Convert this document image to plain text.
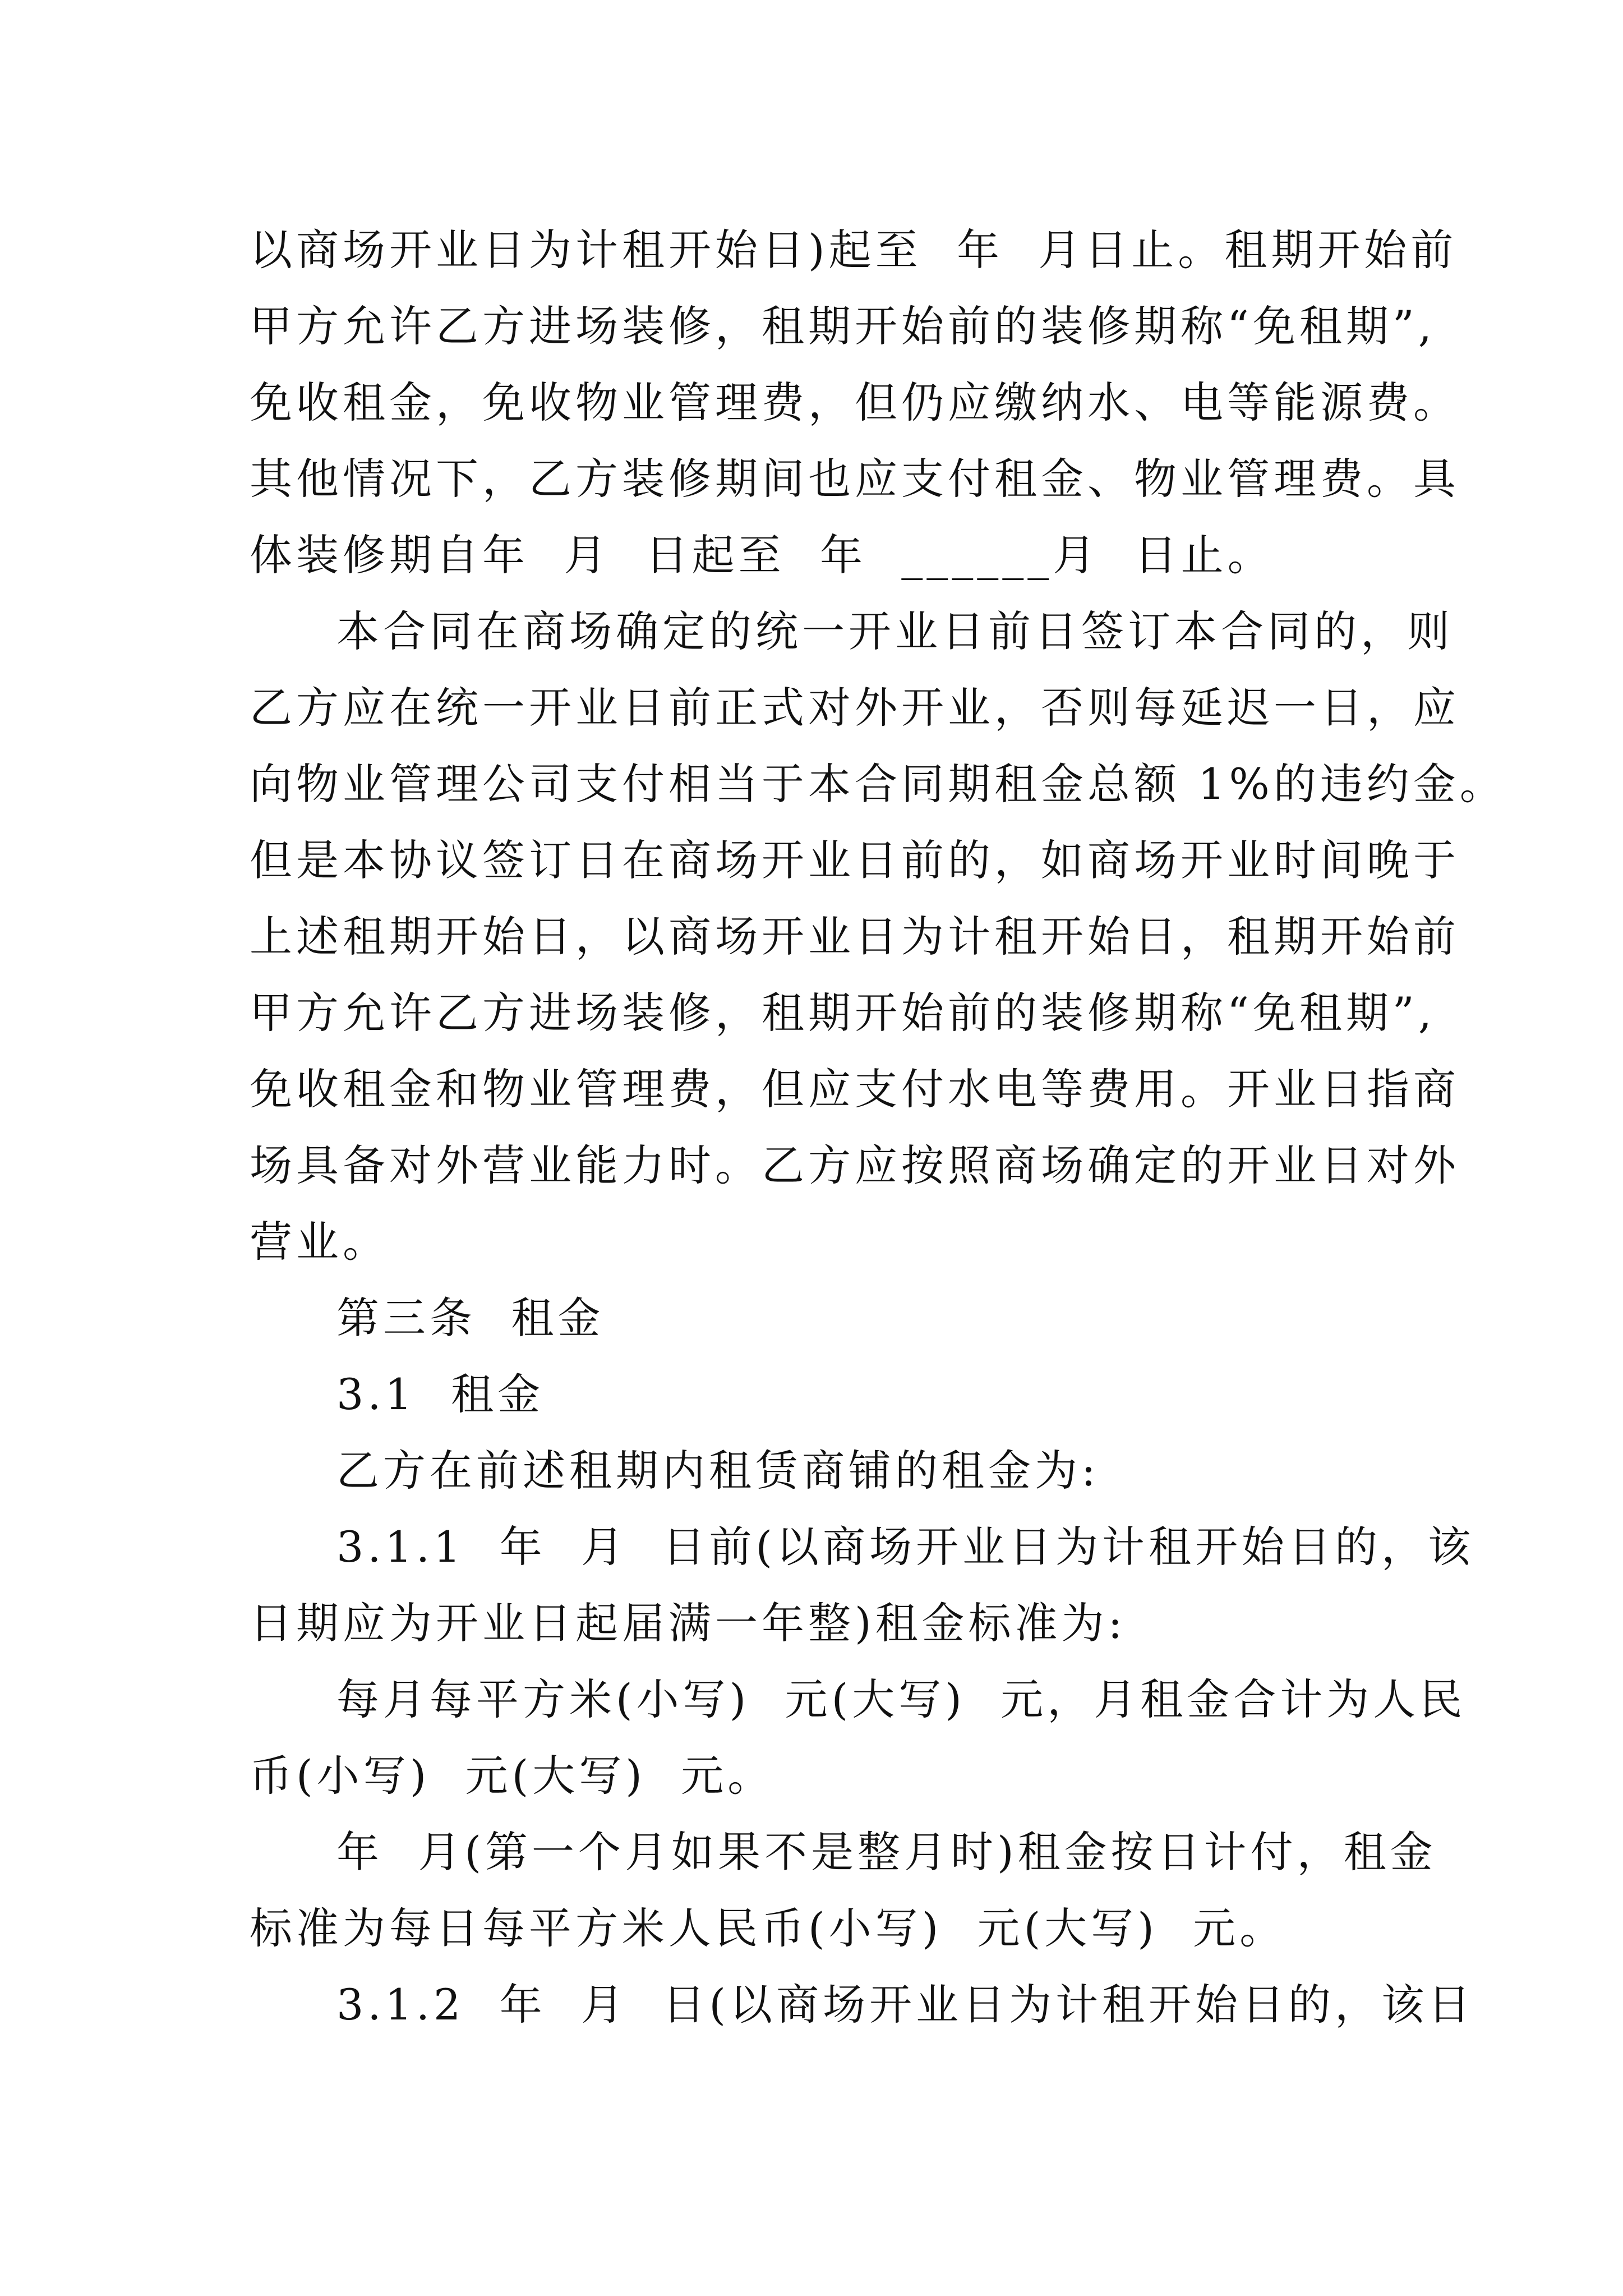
以商场开业日为计租开始日)起至  年  月日止。租期开始前
甲方允许乙方进场装修，租期开始前的装修期称“免租期”,
免收租金，免收物业管理费，但仍应缴纳水、电等能源费。
其他情况下，乙方装修期间也应支付租金、物业管理费。具
体装修期自年  月  日起至  年  ______月  日止。
本合同在商场确定的统一开业日前日签订本合同的，则
乙方应在统一开业日前正式对外开业，否则每延迟一日，应
向物业管理公司支付相当于本合同期租金总额 1%的违约金。
但是本协议签订日在商场开业日前的，如商场开业时间晚于
上述租期开始日，以商场开业日为计租开始日，租期开始前
甲方允许乙方进场装修，租期开始前的装修期称“免租期”,
免收租金和物业管理费，但应支付水电等费用。开业日指商
场具备对外营业能力时。乙方应按照商场确定的开业日对外
营业。
第三条  租金
3.1  租金
乙方在前述租期内租赁商铺的租金为:
3.1.1  年  月  日前(以商场开业日为计租开始日的，该
日期应为开业日起届满一年整)租金标准为:
每月每平方米(小写)  元(大写)  元，月租金合计为人民
币(小写)  元(大写)  元。
年  月(第一个月如果不是整月时)租金按日计付，租金
标准为每日每平方米人民币(小写)  元(大写)  元。
3.1.2  年  月  日(以商场开业日为计租开始日的，该日
